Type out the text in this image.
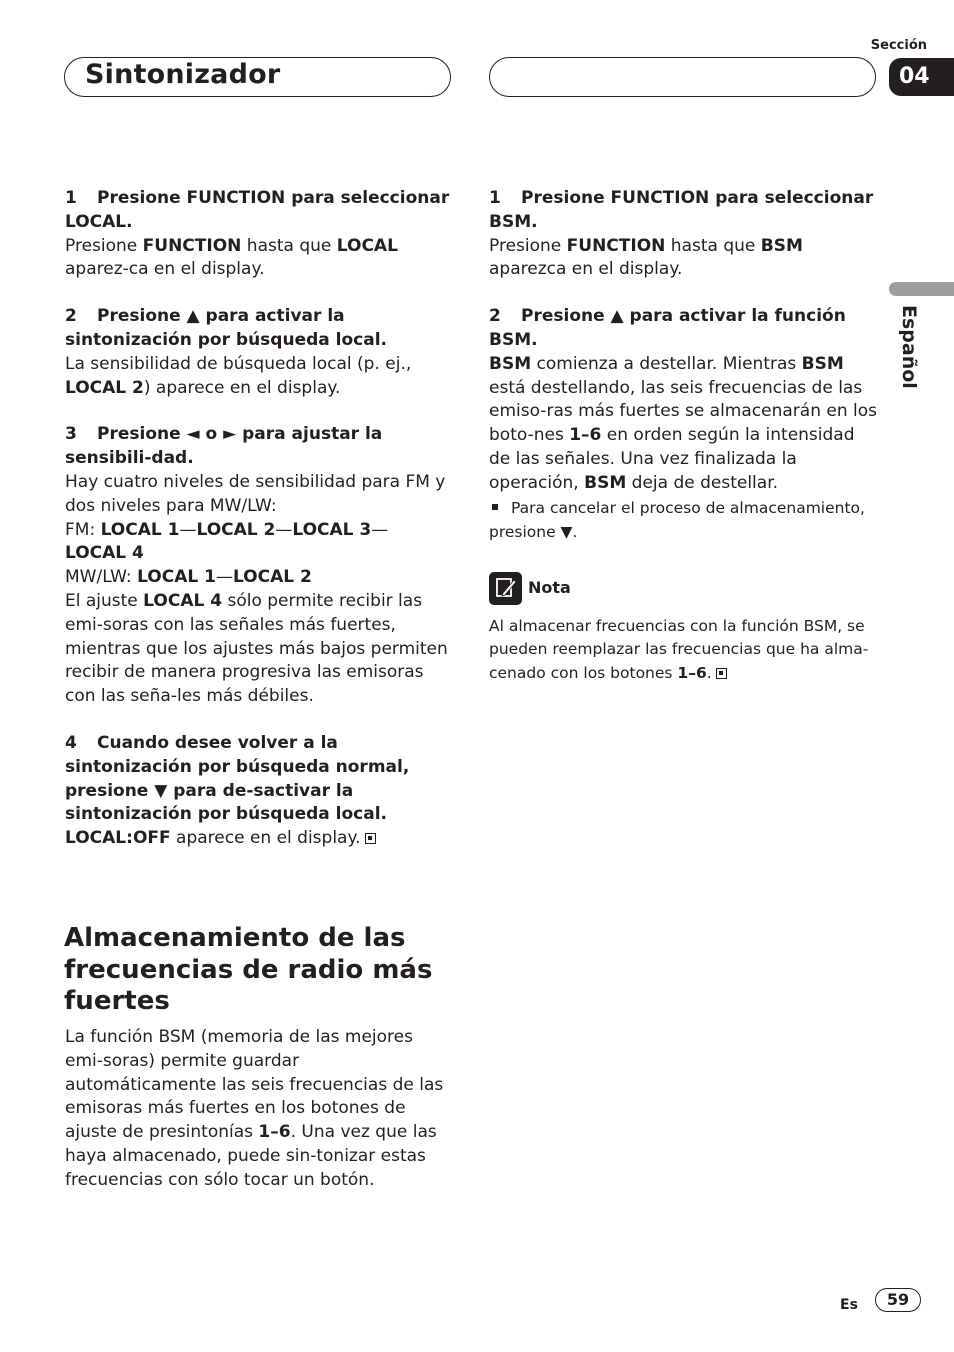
Sintonizador
Sección
04
Español

1 Presione FUNCTION para seleccionar LOCAL.

Presione FUNCTION hasta que LOCAL aparez-ca en el display.

2 Presione ▲ para activar la sintonización por búsqueda local.

La sensibilidad de búsqueda local (p. ej., LOCAL 2) aparece en el display.

3 Presione ◄ o ► para ajustar la sensibili-dad.

Hay cuatro niveles de sensibilidad para FM y dos niveles para MW/LW:

FM: LOCAL 1—LOCAL 2—LOCAL 3—
LOCAL 4

MW/LW: LOCAL 1—LOCAL 2

El ajuste LOCAL 4 sólo permite recibir las emi-soras con las señales más fuertes, mientras que los ajustes más bajos permiten recibir de manera progresiva las emisoras con las seña-les más débiles.

4 Cuando desee volver a la sintonización por búsqueda normal, presione ▼ para de-sactivar la sintonización por búsqueda local.

LOCAL:OFF aparece en el display.

Almacenamiento de las frecuencias de radio más fuertes
La función BSM (memoria de las mejores emi-soras) permite guardar automáticamente las seis frecuencias de las emisoras más fuertes en los botones de ajuste de presintonías 1–6. Una vez que las haya almacenado, puede sin-tonizar estas frecuencias con sólo tocar un botón.

1 Presione FUNCTION para seleccionar BSM.

Presione FUNCTION hasta que BSM aparezca en el display.

2 Presione ▲ para activar la función BSM.

BSM comienza a destellar. Mientras BSM está destellando, las seis frecuencias de las emiso-ras más fuertes se almacenarán en los boto-nes 1–6 en orden según la intensidad de las señales. Una vez finalizada la operación, BSM deja de destellar.

Para cancelar el proceso de almacenamiento, presione ▼.

Nota

Al almacenar frecuencias con la función BSM, se pueden reemplazar las frecuencias que ha alma-cenado con los botones 1–6.

Es	59
